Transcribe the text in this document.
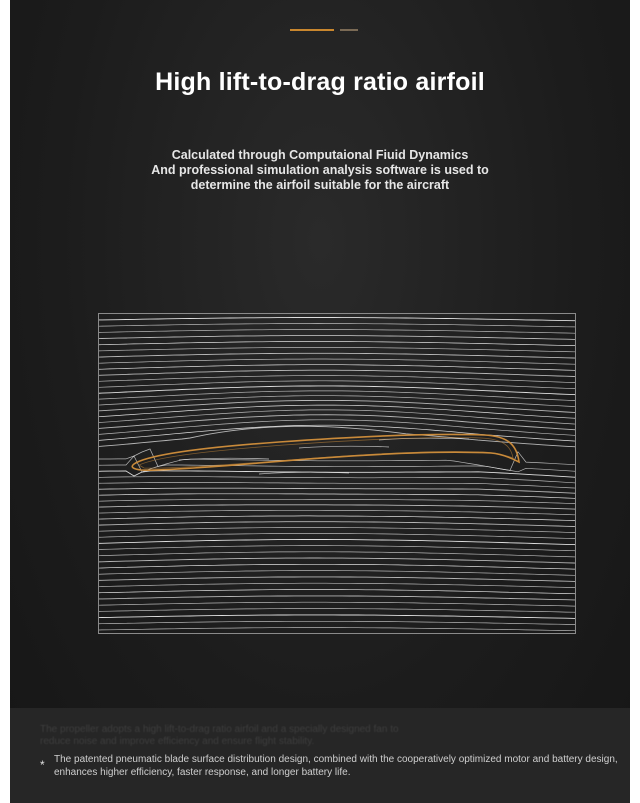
High lift-to-drag ratio airfoil
Calculated through Computaional Fiuid Dynamics
And professional simulation analysis software is used to
determine the airfoil suitable for the aircraft
The propeller adopts a high lift-to-drag ratio airfoil and a specially designed fan to reduce noise and improve efficiency and ensure flight stability.
* The patented pneumatic blade surface distribution design, combined with the cooperatively optimized motor and battery design, enhances higher efficiency, faster response, and longer battery life.
